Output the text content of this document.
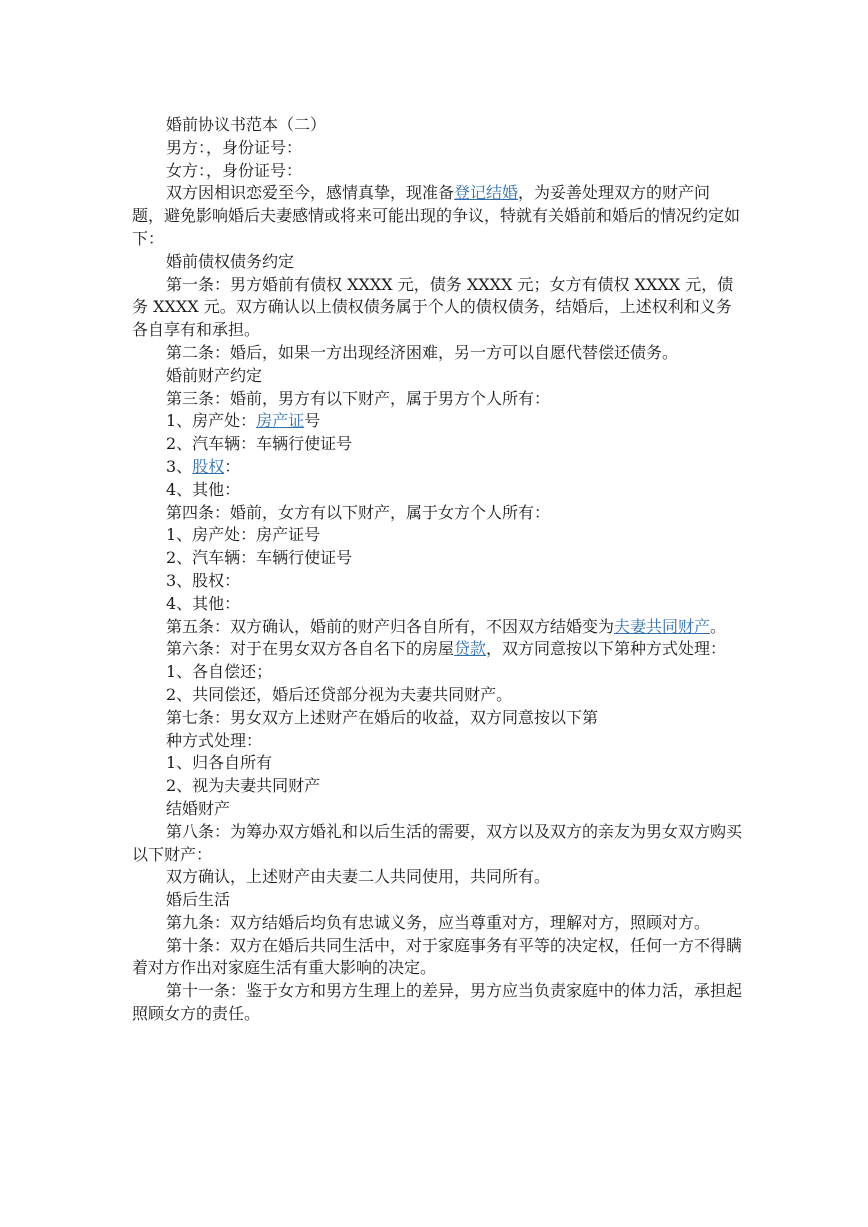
婚前协议书范本（二）

男方：，身份证号：

女方：，身份证号：

双方因相识恋爱至今，感情真挚，现准备登记结婚，为妥善处理双方的财产问题，避免影响婚后夫妻感情或将来可能出现的争议，特就有关婚前和婚后的情况约定如下：

婚前债权债务约定

第一条：男方婚前有债权 XXXX 元，债务 XXXX 元；女方有债权 XXXX 元，债务 XXXX 元。双方确认以上债权债务属于个人的债权债务，结婚后，上述权利和义务各自享有和承担。

第二条：婚后，如果一方出现经济困难，另一方可以自愿代替偿还债务。

婚前财产约定

第三条：婚前，男方有以下财产，属于男方个人所有：

1、房产处：房产证号

2、汽车辆：车辆行使证号

3、股权：

4、其他：

第四条：婚前，女方有以下财产，属于女方个人所有：

1、房产处：房产证号

2、汽车辆：车辆行使证号

3、股权：

4、其他：

第五条：双方确认，婚前的财产归各自所有，不因双方结婚变为夫妻共同财产。

第六条：对于在男女双方各自名下的房屋贷款，双方同意按以下第种方式处理：

1、各自偿还；

2、共同偿还，婚后还贷部分视为夫妻共同财产。

第七条：男女双方上述财产在婚后的收益，双方同意按以下第

种方式处理：

1、归各自所有

2、视为夫妻共同财产

结婚财产

第八条：为筹办双方婚礼和以后生活的需要，双方以及双方的亲友为男女双方购买以下财产：

双方确认，上述财产由夫妻二人共同使用，共同所有。

婚后生活

第九条：双方结婚后均负有忠诚义务，应当尊重对方，理解对方，照顾对方。

第十条：双方在婚后共同生活中，对于家庭事务有平等的决定权，任何一方不得瞒着对方作出对家庭生活有重大影响的决定。

第十一条：鉴于女方和男方生理上的差异，男方应当负责家庭中的体力活，承担起照顾女方的责任。
